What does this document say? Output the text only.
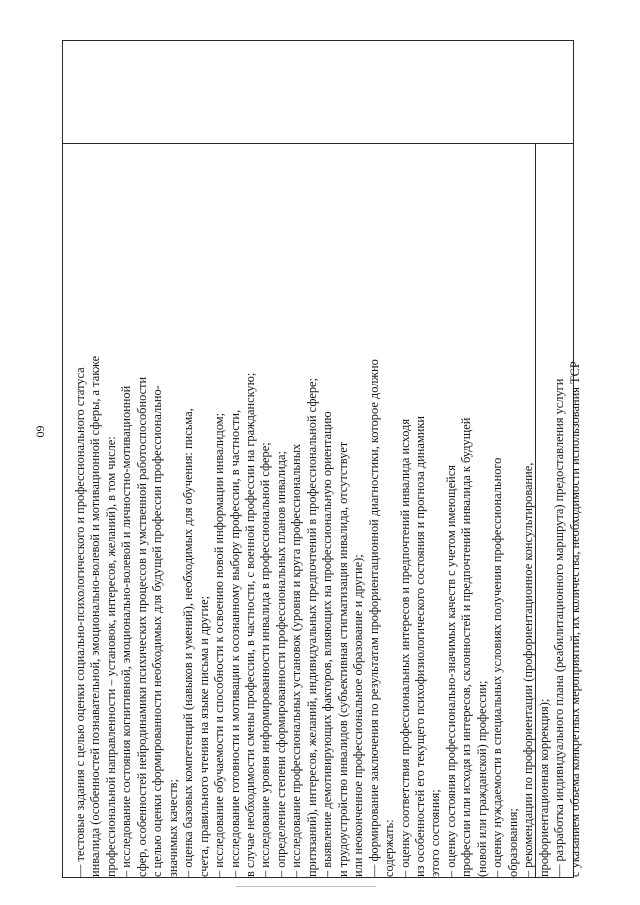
60 — тестовые задания с целью оценки социально-психологического и профессионального статуса инвалида (особенностей познавательной, эмоционально-волевой и мотивационной сферы, а также профессиональной направленности – установок, интересов, желаний), в том числе: – исследование состояния когнитивной, эмоционально-волевой и личностно-мотивационной сфер, особенностей нейродинамики психических процессов и умственной работоспособности с целью оценки сформированности необходимых для будущей профессии профессионально- значимых качеств; – оценка базовых компетенций (навыков и умений), необходимых для обучения: письма, счета, правильного чтения на языке письма и другие; – исследование обучаемости и способности к освоению новой информации инвалидом; – исследование готовности и мотивации к осознанному выбору профессии, в частности, в случае необходимости смены профессии, в частности, с военной профессии на гражданскую; – исследование уровня информированности инвалида в профессиональной сфере; – определение степени сформированности профессиональных планов инвалида; – исследование профессиональных установок (уровня и круга профессиональных притязаний), интересов, желаний, индивидуальных предпочтений в профессиональной сфере; – выявление демотивирующих факторов, влияющих на профессиональную ориентацию и трудоустройство инвалидов (субъективная стигматизация инвалида, отсутствует или неоконченное профессиональное образование и другие); — формирование заключения по результатам профориентационной диагностики, которое должно содержать: – оценку соответствия профессиональных интересов и предпочтений инвалида исходя из особенностей его текущего психофизиологического состояния и прогноза динамики этого состояния; – оценку состояния профессионально-значимых качеств с учетом имеющейся профессии или исходя из интересов, склонностей и предпочтений инвалида к будущей (новой или гражданской) профессии; – оценку нуждаемости в специальных условиях получения профессионального образования; – рекомендации по профориентации (профориентационное консультирование, профориентационная коррекция); — разработка индивидуального плана (реабилитационного маршрута) предоставления услуги с указанием объема конкретных мероприятий, их количества, необходимости использования ТСР
